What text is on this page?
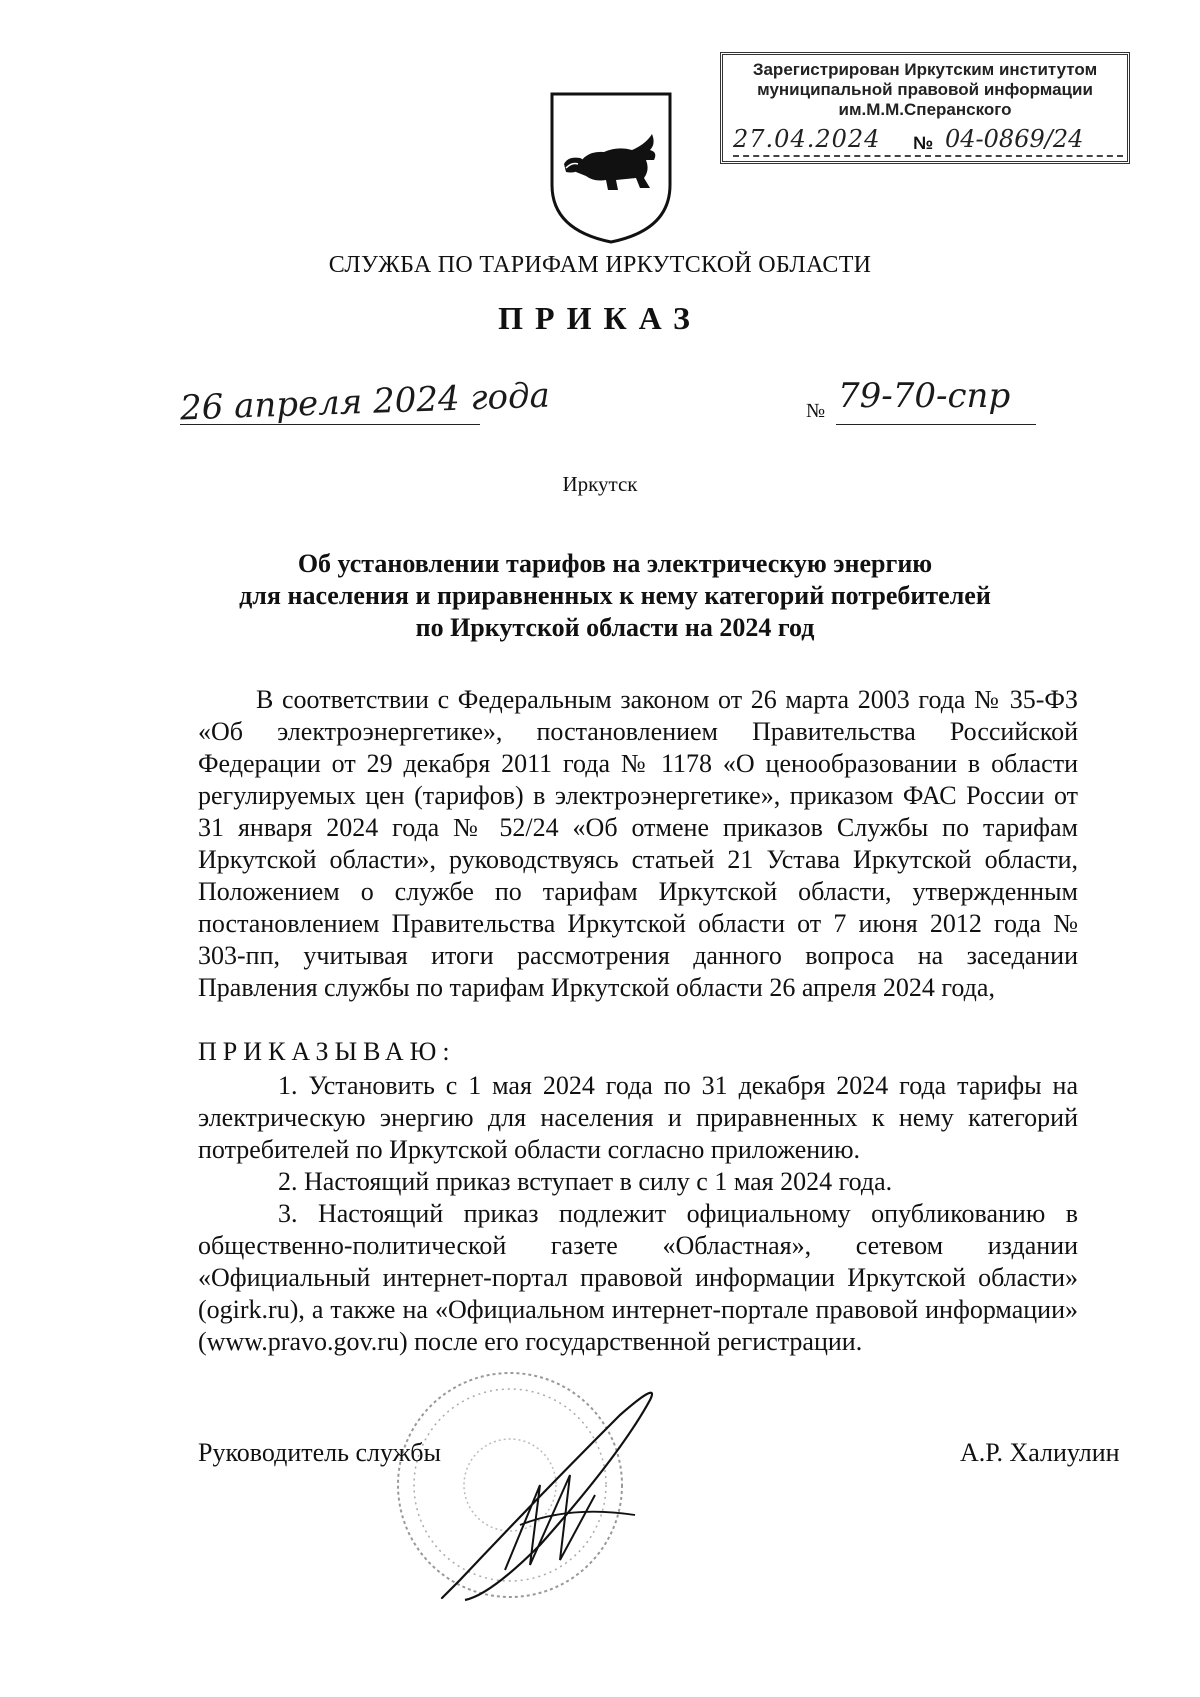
Зарегистрирован Иркутским институтом
муниципальной правовой информации
им.М.М.Сперанского
27.04.2024 № 04-0869/24
СЛУЖБА ПО ТАРИФАМ ИРКУТСКОЙ ОБЛАСТИ
ПРИКАЗ
26 апреля 2024 года	№ 79-70-спр
Иркутск
Об установлении тарифов на электрическую энергию
для населения и приравненных к нему категорий потребителей
по Иркутской области на 2024 год
В соответствии с Федеральным законом от 26 марта 2003 года № 35-ФЗ «Об электроэнергетике», постановлением Правительства Российской Федерации от 29 декабря 2011 года № 1178 «О ценообразовании в области регулируемых цен (тарифов) в электроэнергетике», приказом ФАС России от 31 января 2024 года № 52/24 «Об отмене приказов Службы по тарифам Иркутской области», руководствуясь статьей 21 Устава Иркутской области, Положением о службе по тарифам Иркутской области, утвержденным постановлением Правительства Иркутской области от 7 июня 2012 года № 303-пп, учитывая итоги рассмотрения данного вопроса на заседании Правления службы по тарифам Иркутской области 26 апреля 2024 года,
ПРИКАЗЫВАЮ:
1. Установить с 1 мая 2024 года по 31 декабря 2024 года тарифы на электрическую энергию для населения и приравненных к нему категорий потребителей по Иркутской области согласно приложению.
2. Настоящий приказ вступает в силу с 1 мая 2024 года.
3. Настоящий приказ подлежит официальному опубликованию в общественно-политической газете «Областная», сетевом издании «Официальный интернет-портал правовой информации Иркутской области» (ogirk.ru), а также на «Официальном интернет-портале правовой информации» (www.pravo.gov.ru) после его государственной регистрации.
Руководитель службы	А.Р. Халиулин
